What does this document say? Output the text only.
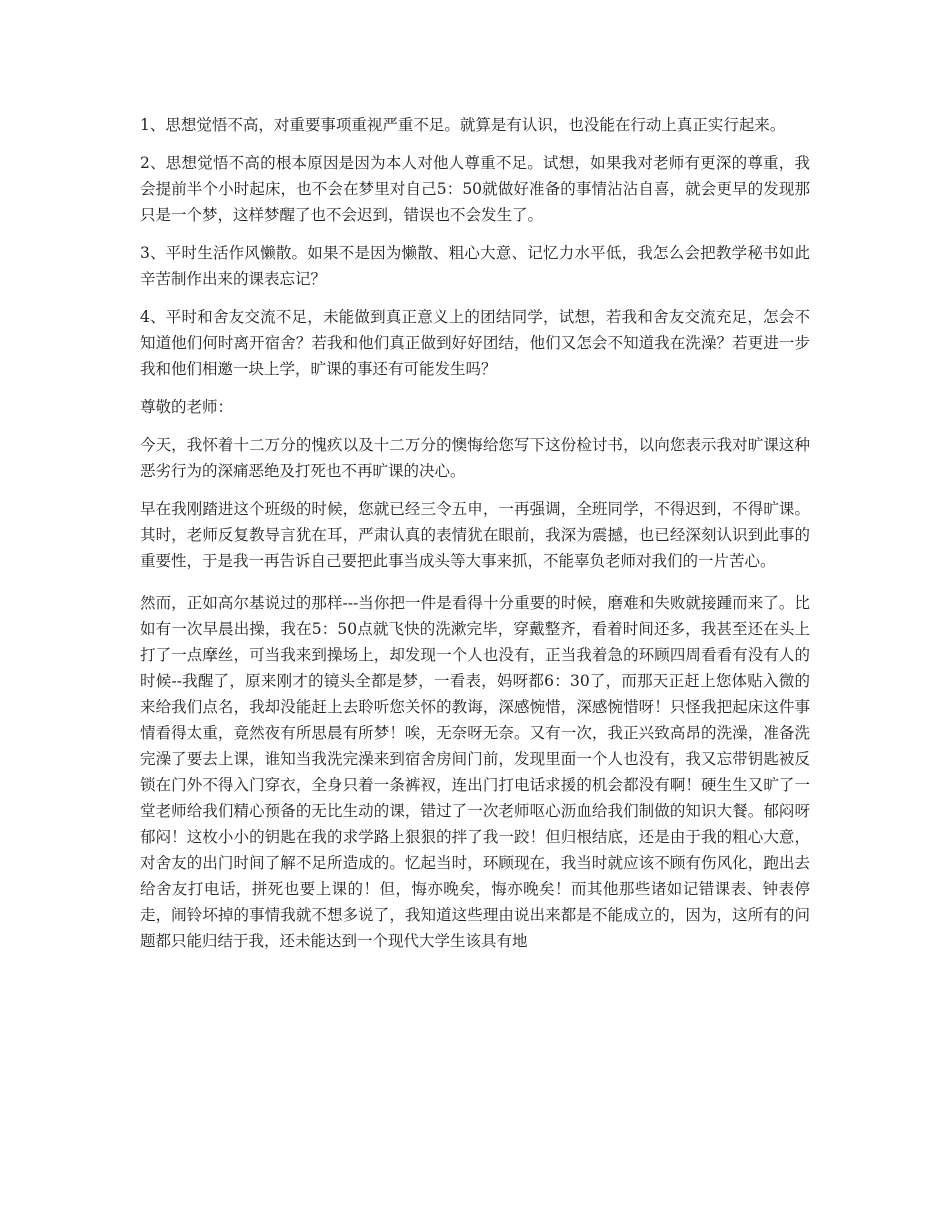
1、思想觉悟不高，对重要事项重视严重不足。就算是有认识，也没能在行动上真正实行起来。

2、思想觉悟不高的根本原因是因为本人对他人尊重不足。试想，如果我对老师有更深的尊重，我会提前半个小时起床，也不会在梦里对自己5：50就做好准备的事情沾沾自喜，就会更早的发现那只是一个梦，这样梦醒了也不会迟到，错误也不会发生了。

3、平时生活作风懒散。如果不是因为懒散、粗心大意、记忆力水平低，我怎么会把教学秘书如此辛苦制作出来的课表忘记？

4、平时和舍友交流不足，未能做到真正意义上的团结同学，试想，若我和舍友交流充足，怎会不知道他们何时离开宿舍？若我和他们真正做到好好团结，他们又怎会不知道我在洗澡？若更进一步我和他们相邀一块上学，旷课的事还有可能发生吗？

尊敬的老师：

今天，我怀着十二万分的愧疚以及十二万分的懊悔给您写下这份检讨书，以向您表示我对旷课这种恶劣行为的深痛恶绝及打死也不再旷课的决心。

早在我刚踏进这个班级的时候，您就已经三令五申，一再强调，全班同学，不得迟到，不得旷课。其时，老师反复教导言犹在耳，严肃认真的表情犹在眼前，我深为震撼，也已经深刻认识到此事的重要性，于是我一再告诉自己要把此事当成头等大事来抓，不能辜负老师对我们的一片苦心。

然而，正如高尔基说过的那样---当你把一件是看得十分重要的时候，磨难和失败就接踵而来了。比如有一次早晨出操，我在5：50点就飞快的洗漱完毕，穿戴整齐，看着时间还多，我甚至还在头上打了一点摩丝，可当我来到操场上，却发现一个人也没有，正当我着急的环顾四周看看有没有人的时候--我醒了，原来刚才的镜头全都是梦，一看表，妈呀都6：30了，而那天正赶上您体贴入微的来给我们点名，我却没能赶上去聆听您关怀的教诲，深感惋惜，深感惋惜呀！只怪我把起床这件事情看得太重，竟然夜有所思晨有所梦！唉，无奈呀无奈。又有一次，我正兴致高昂的洗澡，准备洗完澡了要去上课，谁知当我洗完澡来到宿舍房间门前，发现里面一个人也没有，我又忘带钥匙被反锁在门外不得入门穿衣，全身只着一条裤衩，连出门打电话求援的机会都没有啊！硬生生又旷了一堂老师给我们精心预备的无比生动的课，错过了一次老师呕心沥血给我们制做的知识大餐。郁闷呀郁闷！这枚小小的钥匙在我的求学路上狠狠的拌了我一跤！但归根结底，还是由于我的粗心大意，对舍友的出门时间了解不足所造成的。忆起当时，环顾现在，我当时就应该不顾有伤风化，跑出去给舍友打电话，拼死也要上课的！但，悔亦晚矣，悔亦晚矣！而其他那些诸如记错课表、钟表停走，闹铃坏掉的事情我就不想多说了，我知道这些理由说出来都是不能成立的，因为，这所有的问题都只能归结于我，还未能达到一个现代大学生该具有地
